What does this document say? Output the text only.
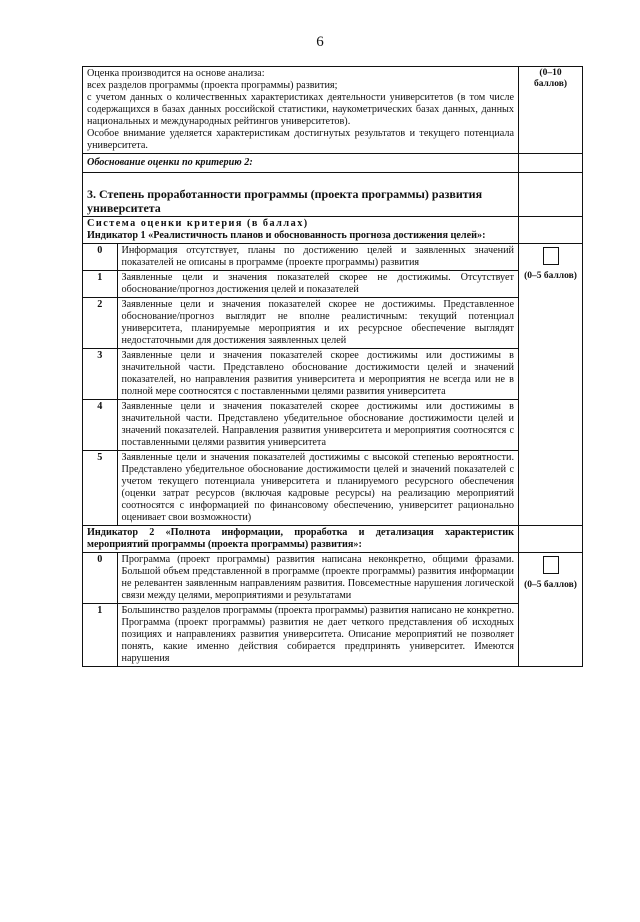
6

Оценка производится на основе анализа:

всех разделов программы (проекта программы) развития;

с учетом данных о количественных характеристиках деятельности университетов (в том числе содержащихся в базах данных российской статистики, наукометрических базах данных, данных национальных и международных рейтингов университетов).

Особое внимание уделяется характеристикам достигнутых результатов и текущего потенциала университета.

	(0–10 баллов)
Обоснование оценки по критерию 2:	
3. Степень проработанности программы (проекта программы) развития университета	

Система оценки критерия (в баллах)
Индикатор 1 «Реалистичность планов и обоснованность прогноза достижения целей»:

0	Информация отсутствует, планы по достижению целей и заявленных значений показателей не описаны в программе (проекте программы) развития
1	Заявленные цели и значения показателей скорее не достижимы. Отсутствует обоснование/прогноз достижения целей и показателей
2	Заявленные цели и значения показателей скорее не достижимы. Представленное обоснование/прогноз выглядит не вполне реалистичным: текущий потенциал университета, планируемые мероприятия и их ресурсное обеспечение выглядят недостаточными для достижения заявленных целей
3	Заявленные цели и значения показателей скорее достижимы или достижимы в значительной части. Представлено обоснование достижимости целей и значений показателей, но направления развития университета и мероприятия не всегда или не в полной мере соотносятся с поставленными целями развития университета
4	Заявленные цели и значения показателей скорее достижимы или достижимы в значительной части. Представлено убедительное обоснование достижимости целей и значений показателей. Направления развития университета и мероприятия соотносятся с поставленными целями развития университета
5	Заявленные цели и значения показателей достижимы с высокой степенью вероятности. Представлено убедительное обоснование достижимости целей и значений показателей с учетом текущего потенциала университета и планируемого ресурсного обеспечения (оценки затрат ресурсов (включая кадровые ресурсы) на реализацию мероприятий соотносятся с информацией по финансовому обеспечению, университет рационально оценивает свои возможности)

(0–5 баллов)

Индикатор 2 «Полнота информации, проработка и детализация характеристик мероприятий программы (проекта программы) развития»:	

0	Программа (проект программы) развития написана неконкретно, общими фразами. Большой объем представленной в программе (проекте программы) развития информации не релевантен заявленным направлениям развития. Повсеместные нарушения логической связи между целями, мероприятиями и результатами
1	Большинство разделов программы (проекта программы) развития написано не конкретно. Программа (проект программы) развития не дает четкого представления об исходных позициях и направлениях развития университета. Описание мероприятий не позволяет понять, какие именно действия собирается предпринять университет. Имеются нарушения

(0–5 баллов)
